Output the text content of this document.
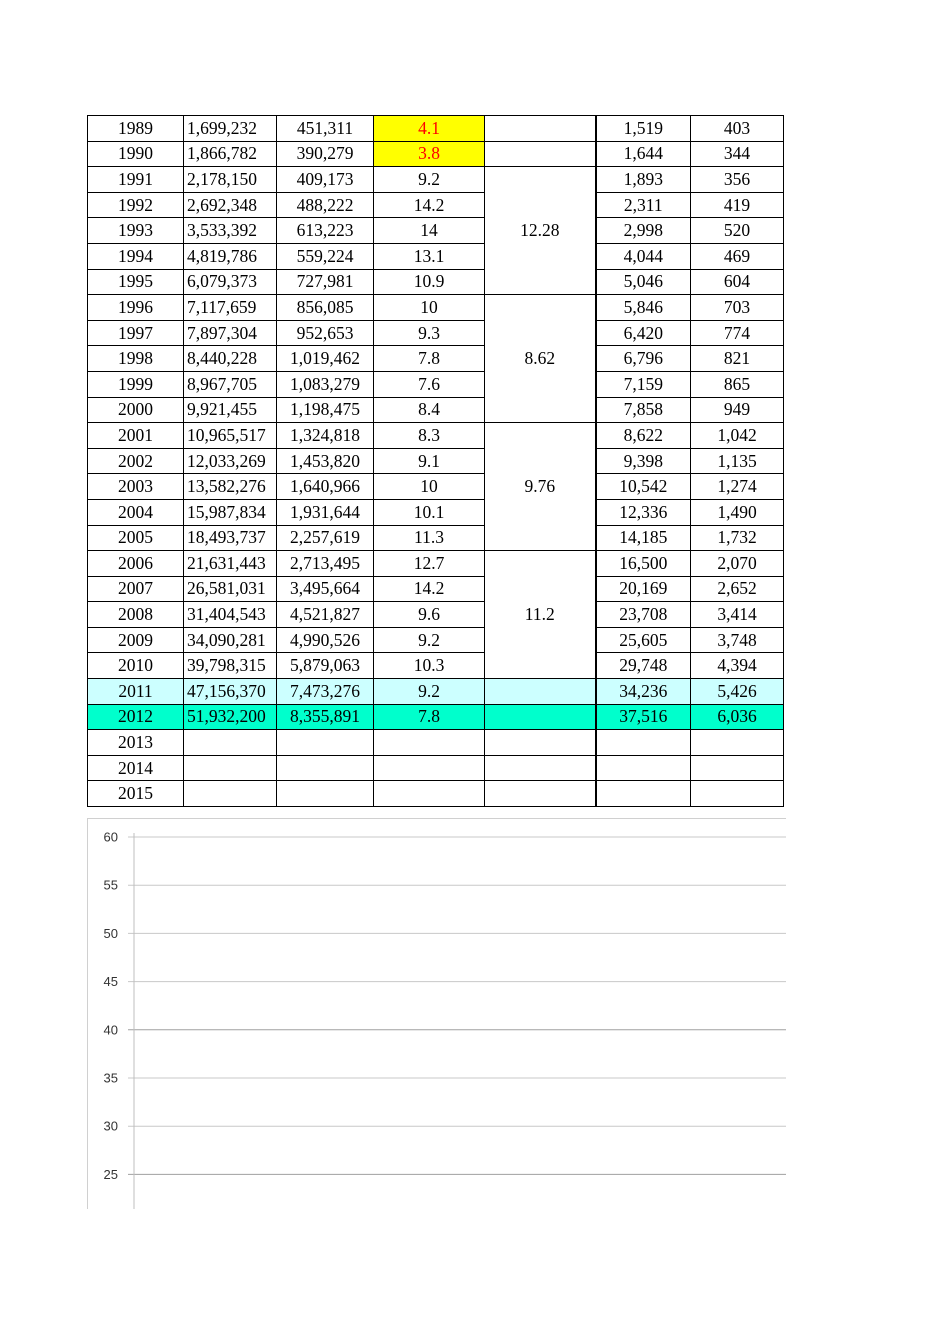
1989	1,699,232	451,311	4.1		1,519	403
1990	1,866,782	390,279	3.8		1,644	344
1991	2,178,150	409,173	9.2	12.28	1,893	356
1992	2,692,348	488,222	14.2		2,311	419
1993	3,533,392	613,223	14		2,998	520
1994	4,819,786	559,224	13.1		4,044	469
1995	6,079,373	727,981	10.9		5,046	604
1996	7,117,659	856,085	10	8.62	5,846	703
1997	7,897,304	952,653	9.3		6,420	774
1998	8,440,228	1,019,462	7.8		6,796	821
1999	8,967,705	1,083,279	7.6		7,159	865
2000	9,921,455	1,198,475	8.4		7,858	949
2001	10,965,517	1,324,818	8.3	9.76	8,622	1,042
2002	12,033,269	1,453,820	9.1		9,398	1,135
2003	13,582,276	1,640,966	10		10,542	1,274
2004	15,987,834	1,931,644	10.1		12,336	1,490
2005	18,493,737	2,257,619	11.3		14,185	1,732
2006	21,631,443	2,713,495	12.7	11.2	16,500	2,070
2007	26,581,031	3,495,664	14.2		20,169	2,652
2008	31,404,543	4,521,827	9.6		23,708	3,414
2009	34,090,281	4,990,526	9.2		25,605	3,748
2010	39,798,315	5,879,063	10.3		29,748	4,394
2011	47,156,370	7,473,276	9.2		34,236	5,426
2012	51,932,200	8,355,891	7.8		37,516	6,036
2013						
2014						
2015						
60
55
50
45
40
35
30
25
